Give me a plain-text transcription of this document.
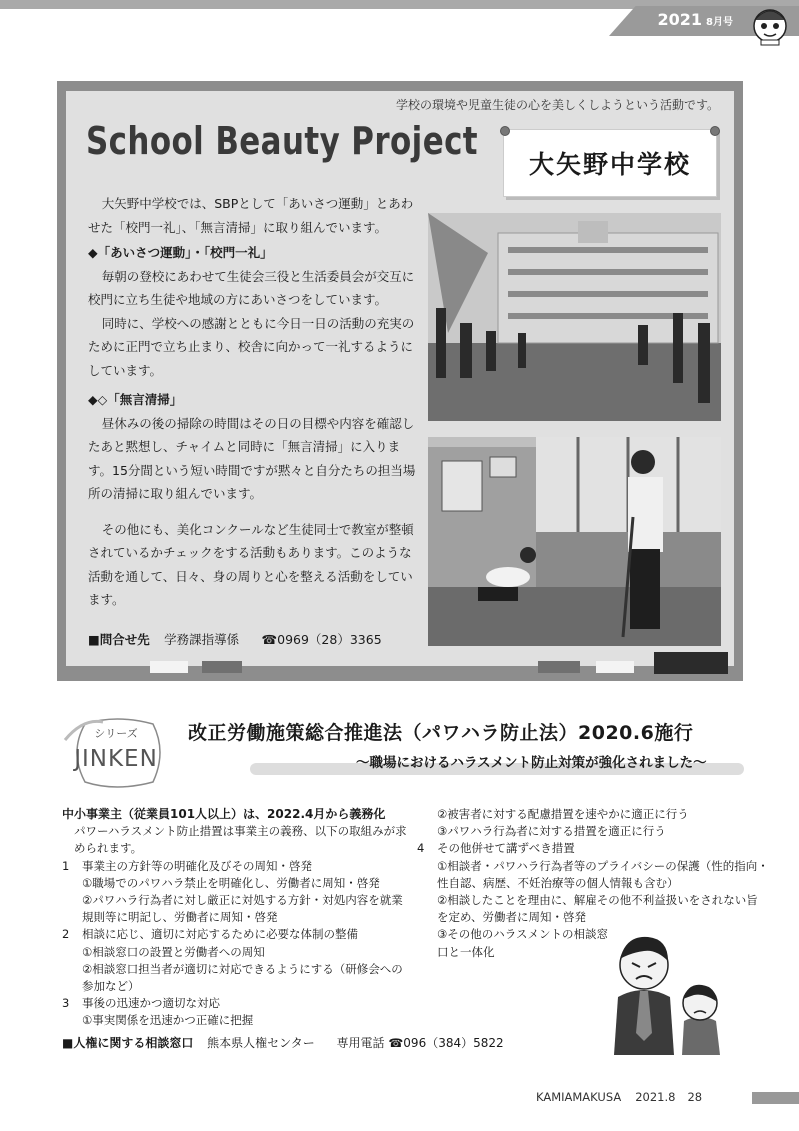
2021 8月号
学校の環境や児童生徒の心を美しくしようという活動です。
School Beauty Project
大矢野中学校

大矢野中学校では、SBPとして「あいさつ運動」とあわせた「校門一礼」、「無言清掃」に取り組んでいます。

◆「あいさつ運動」・「校門一礼」

毎朝の登校にあわせて生徒会三役と生活委員会が交互に校門に立ち生徒や地域の方にあいさつをしています。

同時に、学校への感謝とともに今日一日の活動の充実のために正門で立ち止まり、校舎に向かって一礼するようにしています。

◆◇「無言清掃」

昼休みの後の掃除の時間はその日の目標や内容を確認したあと黙想し、チャイムと同時に「無言清掃」に入ります。15分間という短い時間ですが黙々と自分たちの担当場所の清掃に取り組んでいます。

その他にも、美化コンクールなど生徒同士で教室が整頓されているかチェックをする活動もあります。このような活動を通して、日々、身の周りと心を整える活動をしています。

■問合せ先 学務課指導係 ☎0969（28）3365
シリーズ
JINKEN
改正労働施策総合推進法（パワハラ防止法）2020.6施行
～職場におけるハラスメント防止対策が強化されました～
中小事業主（従業員101人以上）は、2022.4月から義務化
パワーハラスメント防止措置は事業主の義務、以下の取組みが求められます。
1 事業主の方針等の明確化及びその周知・啓発
①職場でのパワハラ禁止を明確化し、労働者に周知・啓発
②パワハラ行為者に対し厳正に対処する方針・対処内容を就業規則等に明記し、労働者に周知・啓発
2 相談に応じ、適切に対応するために必要な体制の整備
①相談窓口の設置と労働者への周知
②相談窓口担当者が適切に対応できるようにする（研修会への参加など）
3 事後の迅速かつ適切な対応
①事実関係を迅速かつ正確に把握
②被害者に対する配慮措置を速やかに適正に行う
③パワハラ行為者に対する措置を適正に行う
4 その他併せて講ずべき措置
①相談者・パワハラ行為者等のプライバシーの保護（性的指向・性自認、病歴、不妊治療等の個人情報も含む）
②相談したことを理由に、解雇その他不利益扱いをされない旨を定め、労働者に周知・啓発
③その他のハラスメントの相談窓口と一体化
■人権に関する相談窓口 熊本県人権センター 専用電話 ☎096（384）5822
KAMIAMAKUSA 2021.8 28
